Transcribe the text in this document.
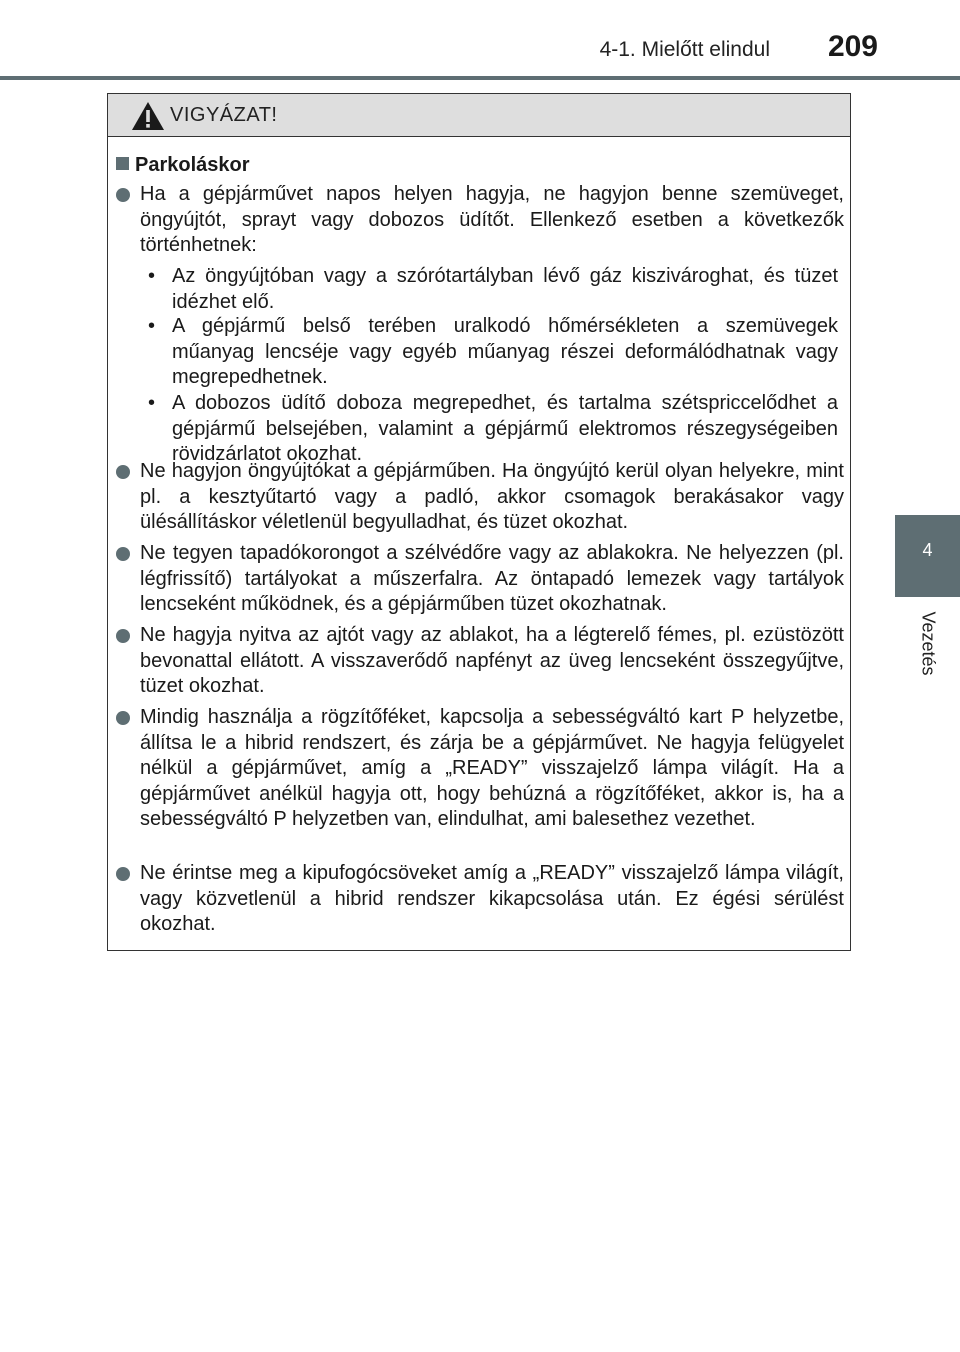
4-1. Mielőtt elindul 209
4
Vezetés
VIGYÁZAT!
Parkoláskor
Ha a gépjárművet napos helyen hagyja, ne hagyjon benne szemüveget, öngyújtót, sprayt vagy dobozos üdítőt. Ellenkező esetben a következők történhetnek:
• Az öngyújtóban vagy a szórótartályban lévő gáz kiszivároghat, és tüzet idézhet elő.
• A gépjármű belső terében uralkodó hőmérsékleten a szemüvegek műanyag lencséje vagy egyéb műanyag részei deformálódhatnak vagy megrepedhetnek.
• A dobozos üdítő doboza megrepedhet, és tartalma szétspriccelődhet a gépjármű belsejében, valamint a gépjármű elektromos részegységeiben rövidzárlatot okozhat.
Ne hagyjon öngyújtókat a gépjárműben. Ha öngyújtó kerül olyan helyekre, mint pl. a kesztyűtartó vagy a padló, akkor csomagok berakásakor vagy ülésállításkor véletlenül begyulladhat, és tüzet okozhat.
Ne tegyen tapadókorongot a szélvédőre vagy az ablakokra. Ne helyezzen (pl. légfrissítő) tartályokat a műszerfalra. Az öntapadó lemezek vagy tartályok lencseként működnek, és a gépjárműben tüzet okozhatnak.
Ne hagyja nyitva az ajtót vagy az ablakot, ha a légterelő fémes, pl. ezüstözött bevonattal ellátott. A visszaverődő napfényt az üveg lencseként összegyűjtve, tüzet okozhat.
Mindig használja a rögzítőféket, kapcsolja a sebességváltó kart P helyzetbe, állítsa le a hibrid rendszert, és zárja be a gépjárművet. Ne hagyja felügyelet nélkül a gépjárművet, amíg a „READY” visszajelző lámpa világít. Ha a gépjárművet anélkül hagyja ott, hogy behúzná a rögzítőféket, akkor is, ha a sebességváltó P helyzetben van, elindulhat, ami balesethez vezethet.
Ne érintse meg a kipufogócsöveket amíg a „READY” visszajelző lámpa világít, vagy közvetlenül a hibrid rendszer kikapcsolása után. Ez égési sérülést okozhat.
